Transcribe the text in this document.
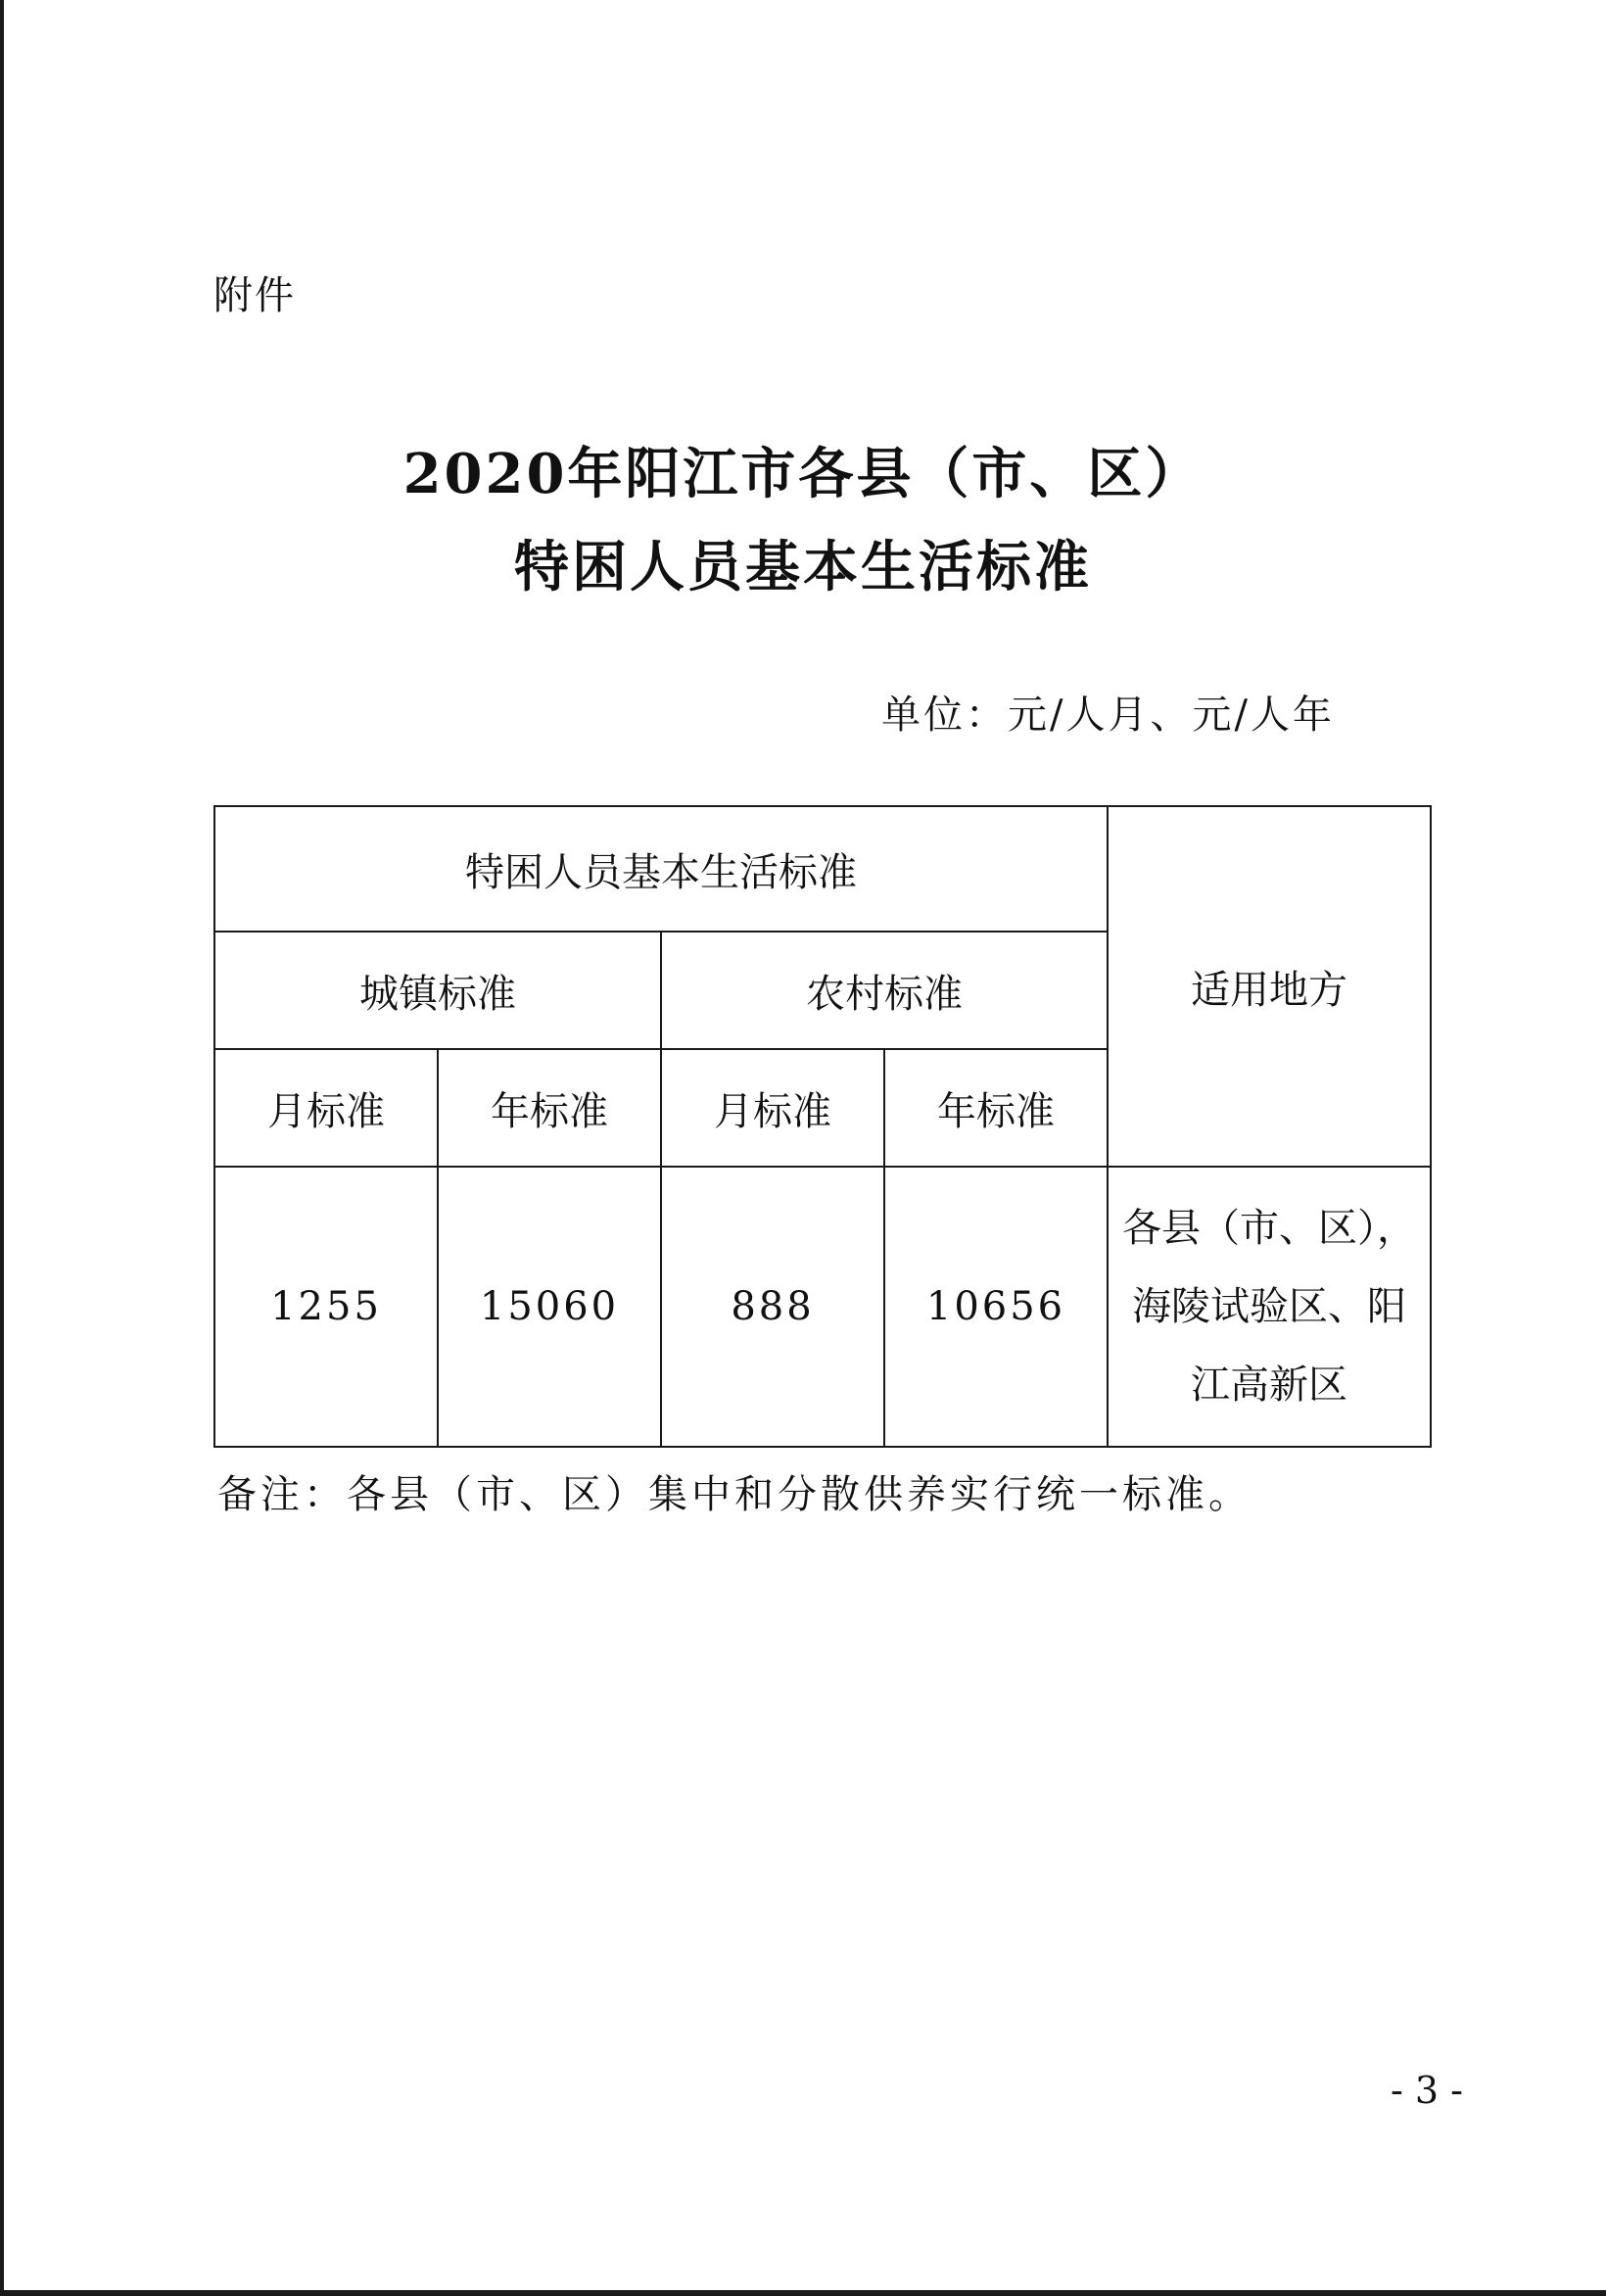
附件
2020年阳江市各县（市、区）
特困人员基本生活标准
单位：元/人月、元/人年
特困人员基本生活标准				适用地方
城镇标准		农村标准		
月标准	年标准	月标准	年标准	
1255	15060	888	10656	各县（市、区），
海陵试验区、阳
江高新区
备注：各县（市、区）集中和分散供养实行统一标准。
- 3 -
